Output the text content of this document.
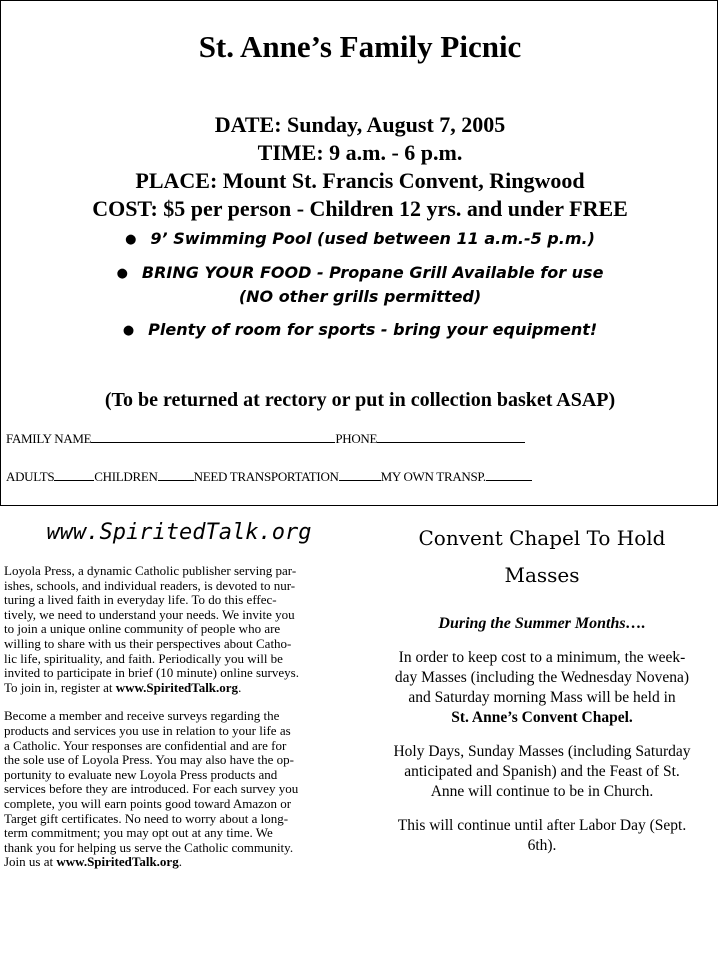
St. Anne’s Family Picnic
DATE: Sunday, August 7, 2005
TIME: 9 a.m. - 6 p.m.
PLACE: Mount St. Francis Convent, Ringwood
COST: $5 per person - Children 12 yrs. and under FREE
● 9’ Swimming Pool (used between 11 a.m.-5 p.m.)
● BRING YOUR FOOD - Propane Grill Available for use
(NO other grills permitted)
● Plenty of room for sports - bring your equipment!
(To be returned at rectory or put in collection basket ASAP)
FAMILY NAME	PHONE
ADULTS	CHILDREN	NEED TRANSPORTATION	MY OWN TRANSP.
www.SpiritedTalk.org

Loyola Press, a dynamic Catholic publisher serving par-
ishes, schools, and individual readers, is devoted to nur-
turing a lived faith in everyday life. To do this effec-
tively, we need to understand your needs. We invite you
to join a unique online community of people who are
willing to share with us their perspectives about Catho-
lic life, spirituality, and faith. Periodically you will be
invited to participate in brief (10 minute) online surveys.
To join in, register at www.SpiritedTalk.org.

Become a member and receive surveys regarding the
products and services you use in relation to your life as
a Catholic. Your responses are confidential and are for
the sole use of Loyola Press. You may also have the op-
portunity to evaluate new Loyola Press products and
services before they are introduced. For each survey you
complete, you will earn points good toward Amazon or
Target gift certificates. No need to worry about a long-
term commitment; you may opt out at any time. We
thank you for helping us serve the Catholic community.
Join us at www.SpiritedTalk.org.

Convent Chapel To Hold
Masses
During the Summer Months….
In order to keep cost to a minimum, the week-
day Masses (including the Wednesday Novena)
and Saturday morning Mass will be held in
St. Anne’s Convent Chapel.
Holy Days, Sunday Masses (including Saturday
anticipated and Spanish) and the Feast of St.
Anne will continue to be in Church.
This will continue until after Labor Day (Sept.
6th).
